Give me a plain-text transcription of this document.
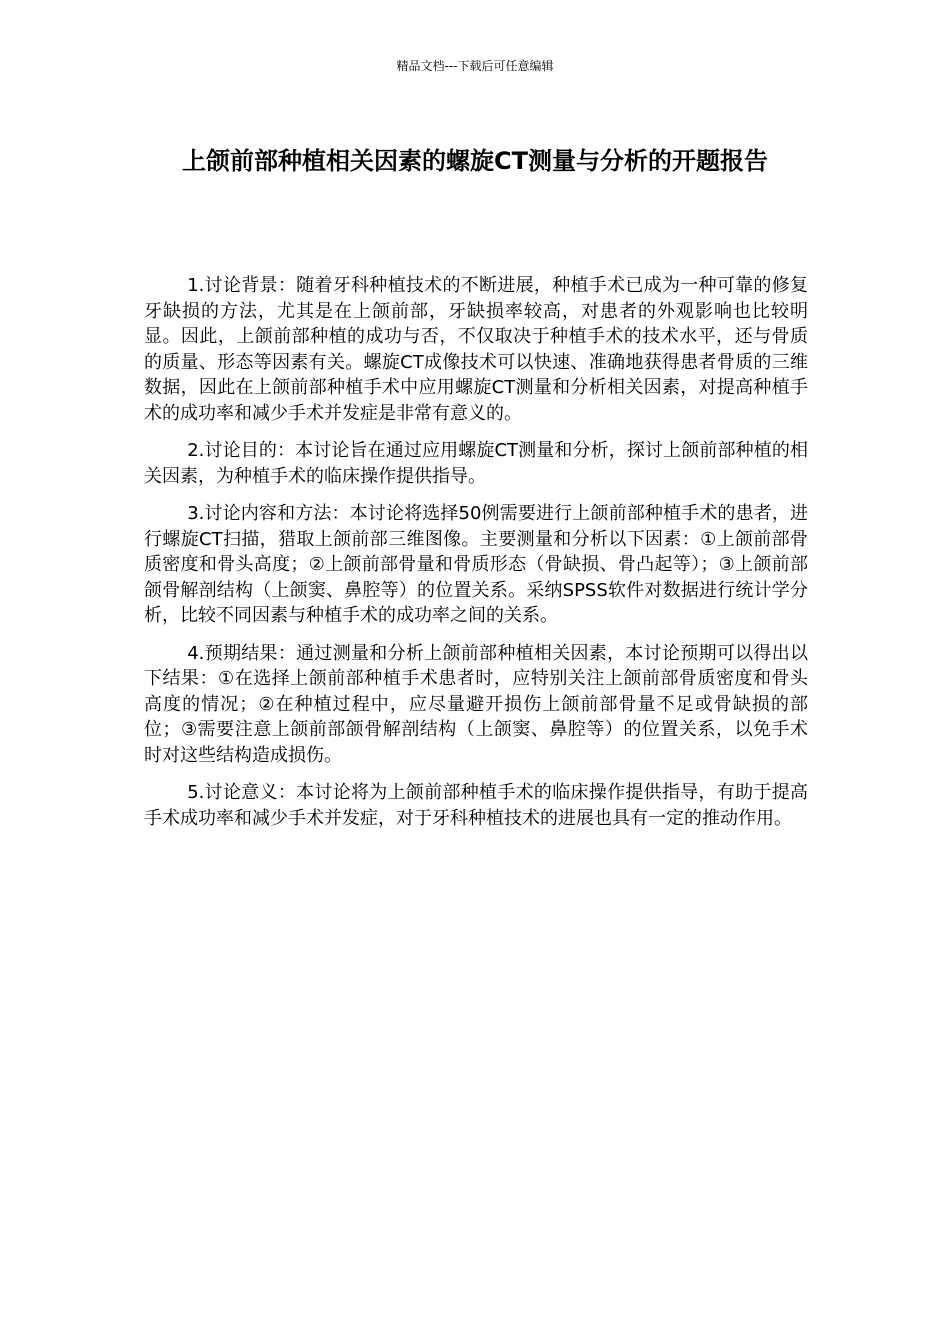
精品文档---下载后可任意编辑
上颌前部种植相关因素的螺旋CT测量与分析的开题报告

1.讨论背景：随着牙科种植技术的不断进展，种植手术已成为一种可靠的修复牙缺损的方法，尤其是在上颌前部，牙缺损率较高，对患者的外观影响也比较明显。因此，上颌前部种植的成功与否，不仅取决于种植手术的技术水平，还与骨质的质量、形态等因素有关。螺旋CT成像技术可以快速、准确地获得患者骨质的三维数据，因此在上颌前部种植手术中应用螺旋CT测量和分析相关因素，对提高种植手术的成功率和减少手术并发症是非常有意义的。

2.讨论目的：本讨论旨在通过应用螺旋CT测量和分析，探讨上颌前部种植的相关因素，为种植手术的临床操作提供指导。

3.讨论内容和方法：本讨论将选择50例需要进行上颌前部种植手术的患者，进行螺旋CT扫描，猎取上颌前部三维图像。主要测量和分析以下因素：①上颌前部骨质密度和骨头高度；②上颌前部骨量和骨质形态（骨缺损、骨凸起等）；③上颌前部颌骨解剖结构（上颌窦、鼻腔等）的位置关系。采纳SPSS软件对数据进行统计学分析，比较不同因素与种植手术的成功率之间的关系。

4.预期结果：通过测量和分析上颌前部种植相关因素，本讨论预期可以得出以下结果：①在选择上颌前部种植手术患者时，应特别关注上颌前部骨质密度和骨头高度的情况；②在种植过程中，应尽量避开损伤上颌前部骨量不足或骨缺损的部位；③需要注意上颌前部颌骨解剖结构（上颌窦、鼻腔等）的位置关系，以免手术时对这些结构造成损伤。

5.讨论意义：本讨论将为上颌前部种植手术的临床操作提供指导，有助于提高手术成功率和减少手术并发症，对于牙科种植技术的进展也具有一定的推动作用。
